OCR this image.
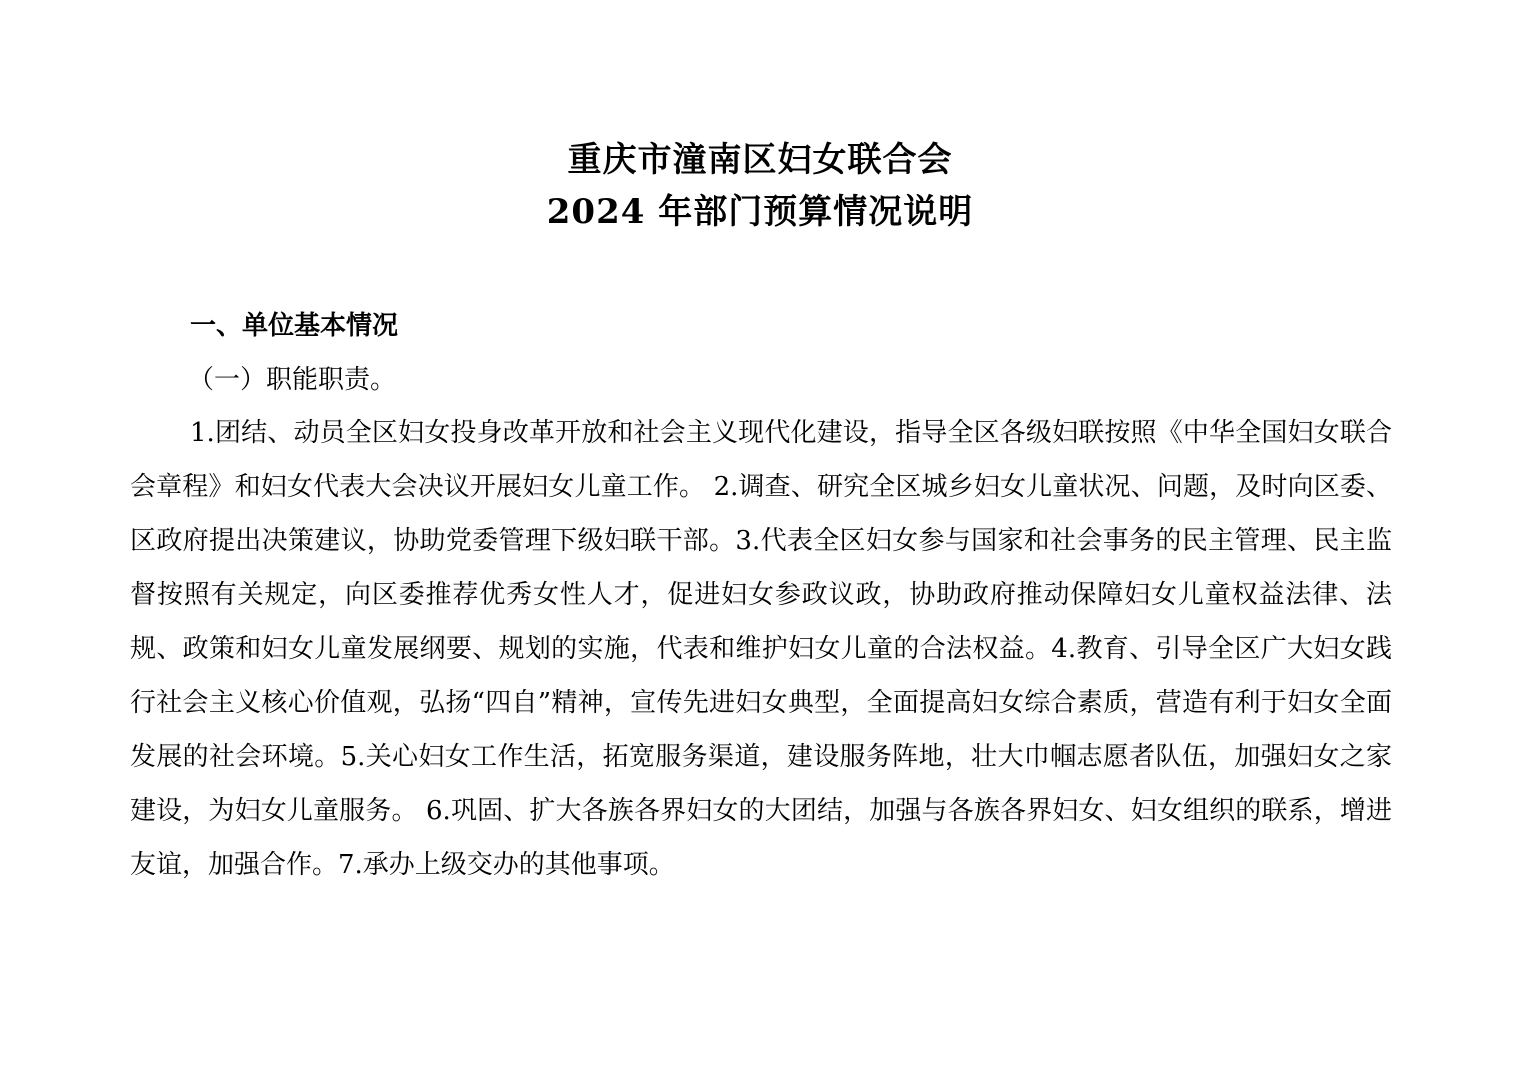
重庆市潼南区妇女联合会
2024 年部门预算情况说明
一、单位基本情况
（一）职能职责。

1.团结、动员全区妇女投身改革开放和社会主义现代化建设，指导全区各级妇联按照《中华全国妇女联合会章程》和妇女代表大会决议开展妇女儿童工作。 2.调查、研究全区城乡妇女儿童状况、问题，及时向区委、区政府提出决策建议，协助党委管理下级妇联干部。3.代表全区妇女参与国家和社会事务的民主管理、民主监督按照有关规定，向区委推荐优秀女性人才，促进妇女参政议政，协助政府推动保障妇女儿童权益法律、法规、政策和妇女儿童发展纲要、规划的实施，代表和维护妇女儿童的合法权益。4.教育、引导全区广大妇女践行社会主义核心价值观，弘扬“四自”精神，宣传先进妇女典型，全面提高妇女综合素质，营造有利于妇女全面发展的社会环境。5.关心妇女工作生活，拓宽服务渠道，建设服务阵地，壮大巾帼志愿者队伍，加强妇女之家建设，为妇女儿童服务。 6.巩固、扩大各族各界妇女的大团结，加强与各族各界妇女、妇女组织的联系，增进友谊，加强合作。7.承办上级交办的其他事项。
